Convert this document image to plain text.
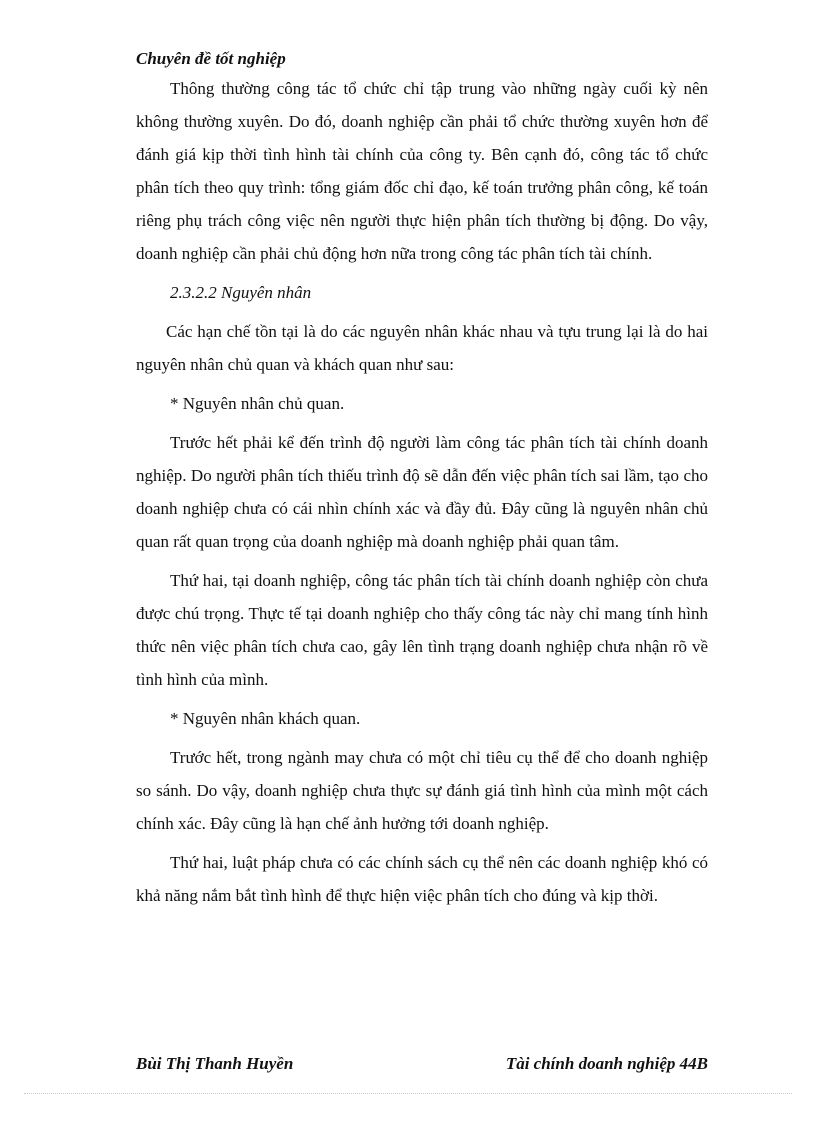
Chuyên đề tốt nghiệp

Thông thường công tác tổ chức chỉ tập trung vào những ngày cuối kỳ nên không thường xuyên. Do đó, doanh nghiệp cần phải tổ chức thường xuyên hơn để đánh giá kịp thời tình hình tài chính của công ty. Bên cạnh đó, công tác tổ chức phân tích theo quy trình: tổng giám đốc chỉ đạo, kế toán trưởng phân công, kế toán riêng phụ trách công việc nên người thực hiện phân tích thường bị động. Do vậy, doanh nghiệp cần phải chủ động hơn nữa trong công tác phân tích tài chính.

2.3.2.2 Nguyên nhân

Các hạn chế tồn tại là do các nguyên nhân khác nhau và tựu trung lại là do hai nguyên nhân chủ quan và khách quan như sau:

* Nguyên nhân chủ quan.

Trước hết phải kể đến trình độ người làm công tác phân tích tài chính doanh nghiệp. Do người phân tích thiếu trình độ sẽ dẫn đến việc phân tích sai lầm, tạo cho doanh nghiệp chưa có cái nhìn chính xác và đầy đủ. Đây cũng là nguyên nhân chủ quan rất quan trọng của doanh nghiệp mà doanh nghiệp phải quan tâm.

Thứ hai, tại doanh nghiệp, công tác phân tích tài chính doanh nghiệp còn chưa được chú trọng. Thực tế tại doanh nghiệp cho thấy công tác này chỉ mang tính hình thức nên việc phân tích chưa cao, gây lên tình trạng doanh nghiệp chưa nhận rõ về tình hình của mình.

* Nguyên nhân khách quan.

Trước hết, trong ngành may chưa có một chỉ tiêu cụ thể để cho doanh nghiệp so sánh. Do vậy, doanh nghiệp chưa thực sự đánh giá tình hình của mình một cách chính xác. Đây cũng là hạn chế ảnh hưởng tới doanh nghiệp.

Thứ hai, luật pháp chưa có các chính sách cụ thể nên các doanh nghiệp khó có khả năng nắm bắt tình hình để thực hiện việc phân tích cho đúng và kịp thời.

Bùi Thị Thanh Huyền	Tài chính doanh nghiệp 44B
